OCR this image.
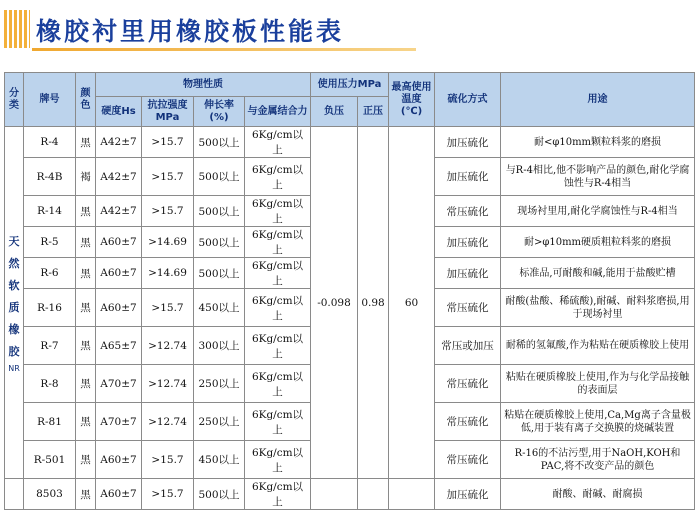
橡胶衬里用橡胶板性能表
分类	牌号	颜色	物理性质				使用压力MPa		最高使用温度(℃)	硫化方式	用途
			硬度Hs	抗拉强度MPa	伸长率(%)	与金属结合力	负压	正压			

天然软质橡胶
NR	R-4	黑	A42±7	>15.7	500以上	6Kg/cm以上	-0.098	0.98	60	加压硫化	耐<φ10mm颗粒料浆的磨损
	R-4B	褐	A42±7	>15.7	500以上	6Kg/cm以上				加压硫化	与R-4相比,他不影响产品的颜色,耐化学腐蚀性与R-4相当
	R-14	黑	A42±7	>15.7	500以上	6Kg/cm以上				常压硫化	现场衬里用,耐化学腐蚀性与R-4相当
	R-5	黑	A60±7	>14.69	500以上	6Kg/cm以上				加压硫化	耐>φ10mm硬质粗粒料浆的磨损
	R-6	黑	A60±7	>14.69	500以上	6Kg/cm以上				加压硫化	标准品,可耐酸和碱,能用于盐酸贮槽
	R-16	黑	A60±7	>15.7	450以上	6Kg/cm以上				常压硫化	耐酸(盐酸、稀硫酸),耐碱、耐料浆磨损,用于现场衬里
	R-7	黑	A65±7	>12.74	300以上	6Kg/cm以上				常压或加压	耐稀的氢氟酸,作为粘贴在硬质橡胶上使用
	R-8	黑	A70±7	>12.74	250以上	6Kg/cm以上				常压硫化	粘贴在硬质橡胶上使用,作为与化学品接触的表面层
	R-81	黑	A70±7	>12.74	250以上	6Kg/cm以上				常压硫化	粘贴在硬质橡胶上使用,Ca,Mg离子含量极低,用于装有离子交换膜的烧碱装置
	R-501	黑	A60±7	>15.7	450以上	6Kg/cm以上				常压硫化	R-16的不沾污型,用于NaOH,KOH和PAC,将不改变产品的颜色
	8503	黑	A60±7	>15.7	500以上	6Kg/cm以上				加压硫化	耐酸、耐碱、耐腐损
